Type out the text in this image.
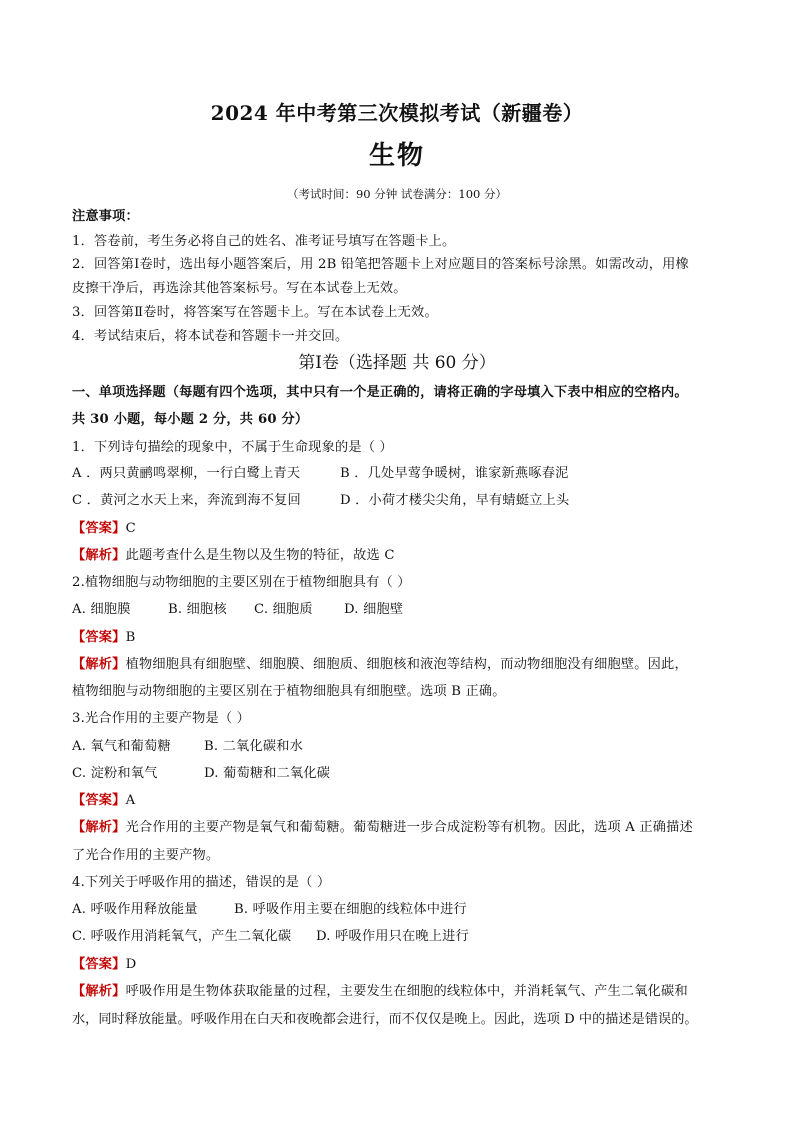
2024 年中考第三次模拟考试（新疆卷）
生物
（考试时间：90 分钟 试卷满分：100 分）
注意事项：
1．答卷前，考生务必将自己的姓名、准考证号填写在答题卡上。
2．回答第Ⅰ卷时，选出每小题答案后，用 2B 铅笔把答题卡上对应题目的答案标号涂黑。如需改动，用橡
皮擦干净后，再选涂其他答案标号。写在本试卷上无效。
3．回答第Ⅱ卷时，将答案写在答题卡上。写在本试卷上无效。
4．考试结束后，将本试卷和答题卡一并交回。
第Ⅰ卷（选择题 共 60 分）
一、单项选择题（每题有四个选项，其中只有一个是正确的，请将正确的字母填入下表中相应的空格内。
共 30 小题，每小题 2 分，共 60 分）
1．下列诗句描绘的现象中，不属于生命现象的是（ ）
A ．两只黄鹂鸣翠柳，一行白鹭上青天	B ．几处早莺争暖树，谁家新燕啄春泥
C ．黄河之水天上来，奔流到海不复回	D ．小荷才楼尖尖角，早有蜻蜓立上头
【答案】C
【解析】此题考查什么是生物以及生物的特征，故选 C
2.植物细胞与动物细胞的主要区别在于植物细胞具有（ ）
A. 细胞膜	B. 细胞核 C. 细胞质 D. 细胞壁
【答案】B
【解析】植物细胞具有细胞壁、细胞膜、细胞质、细胞核和液泡等结构，而动物细胞没有细胞壁。因此，
植物细胞与动物细胞的主要区别在于植物细胞具有细胞壁。选项 B 正确。
3.光合作用的主要产物是（ ）
A. 氧气和葡萄糖	B. 二氧化碳和水
C. 淀粉和氧气	D. 葡萄糖和二氧化碳
【答案】A
【解析】光合作用的主要产物是氧气和葡萄糖。葡萄糖进一步合成淀粉等有机物。因此，选项 A 正确描述
了光合作用的主要产物。
4.下列关于呼吸作用的描述，错误的是（ ）
A. 呼吸作用释放能量	B. 呼吸作用主要在细胞的线粒体中进行
C. 呼吸作用消耗氧气，产生二氧化碳 D. 呼吸作用只在晚上进行
【答案】D
【解析】呼吸作用是生物体获取能量的过程，主要发生在细胞的线粒体中，并消耗氧气、产生二氧化碳和
水，同时释放能量。呼吸作用在白天和夜晚都会进行，而不仅仅是晚上。因此，选项 D 中的描述是错误的。
